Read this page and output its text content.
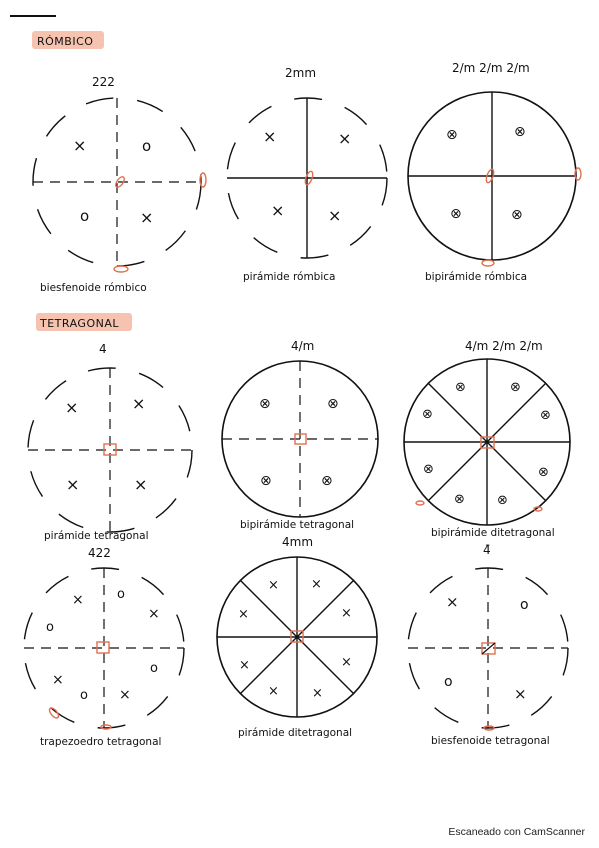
RÓMBICO
TETRAGONAL
222
×	o
o	×
biesfenoide rómbico
2mm
×	×
×	×
pirámide rómbica
2/m 2/m 2/m
⊗	⊗
⊗	⊗
bipirámide rómbica
4
×	×
×	×
pirámide tetragonal
4/m
⊗	⊗
⊗	⊗
bipirámide tetragonal
4/m 2/m 2/m
⊗	⊗
⊗	⊗
⊗	⊗
⊗ ⊗
bipirámide ditetragonal
422
×	o
×
o
o
×
o ×
trapezoedro tetragonal
4mm
× ×
×	×
×	×
×	×
pirámide ditetragonal
4̄
×	o
o
×
biesfenoide tetragonal
Escaneado con CamScanner
